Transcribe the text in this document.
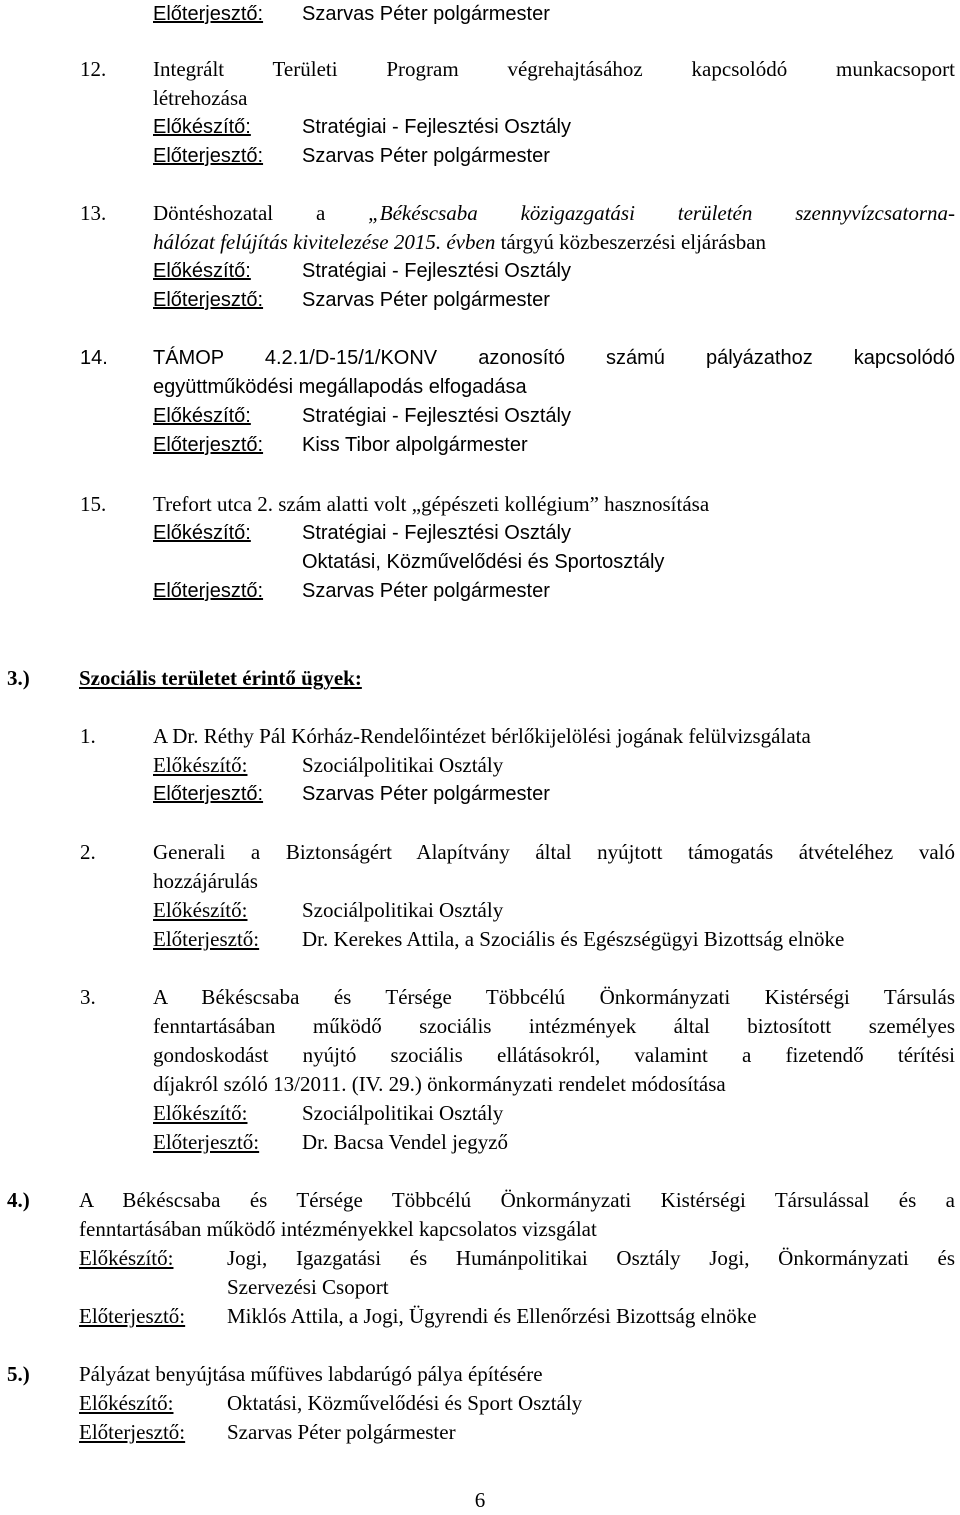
Előterjesztő: Szarvas Péter polgármester
12. Integrált Területi Program végrehajtásához kapcsolódó munkacsoport
létrehozása
Előkészítő:	Stratégiai - Fejlesztési Osztály
Előterjesztő: Szarvas Péter polgármester
13. Döntéshozatal a „Békéscsaba közigazgatási területén szennyvízcsatorna-
hálózat felújítás kivitelezése 2015. évben tárgyú közbeszerzési eljárásban
Előkészítő:	Stratégiai - Fejlesztési Osztály
Előterjesztő: Szarvas Péter polgármester
14. TÁMOP 4.2.1/D-15/1/KONV azonosító számú pályázathoz kapcsolódó
együttműködési megállapodás elfogadása
Előkészítő:	Stratégiai - Fejlesztési Osztály
Előterjesztő: Kiss Tibor alpolgármester
15. Trefort utca 2. szám alatti volt „gépészeti kollégium” hasznosítása
Előkészítő:	Stratégiai - Fejlesztési Osztály
Oktatási, Közművelődési és Sportosztály
Előterjesztő: Szarvas Péter polgármester
3.) Szociális területet érintő ügyek:
1.	A Dr. Réthy Pál Kórház-Rendelőintézet bérlőkijelölési jogának felülvizsgálata
Előkészítő:	Szociálpolitikai Osztály
Előterjesztő: Szarvas Péter polgármester
2.	Generali a Biztonságért Alapítvány által nyújtott támogatás átvételéhez való
hozzájárulás
Előkészítő:	Szociálpolitikai Osztály
Előterjesztő: Dr. Kerekes Attila, a Szociális és Egészségügyi Bizottság elnöke
3.	A Békéscsaba és Térsége Többcélú Önkormányzati Kistérségi Társulás
fenntartásában működő szociális intézmények által biztosított személyes
gondoskodást nyújtó szociális ellátásokról, valamint a fizetendő térítési
díjakról szóló 13/2011. (IV. 29.) önkormányzati rendelet módosítása
Előkészítő:	Szociálpolitikai Osztály
Előterjesztő: Dr. Bacsa Vendel jegyző
4.) A Békéscsaba és Térsége Többcélú Önkormányzati Kistérségi Társulással és a
fenntartásában működő intézményekkel kapcsolatos vizsgálat
Előkészítő:	Jogi, Igazgatási és Humánpolitikai Osztály Jogi, Önkormányzati és
Szervezési Csoport
Előterjesztő: Miklós Attila, a Jogi, Ügyrendi és Ellenőrzési Bizottság elnöke
5.) Pályázat benyújtása műfüves labdarúgó pálya építésére
Előkészítő:	Oktatási, Közművelődési és Sport Osztály
Előterjesztő: Szarvas Péter polgármester
6
